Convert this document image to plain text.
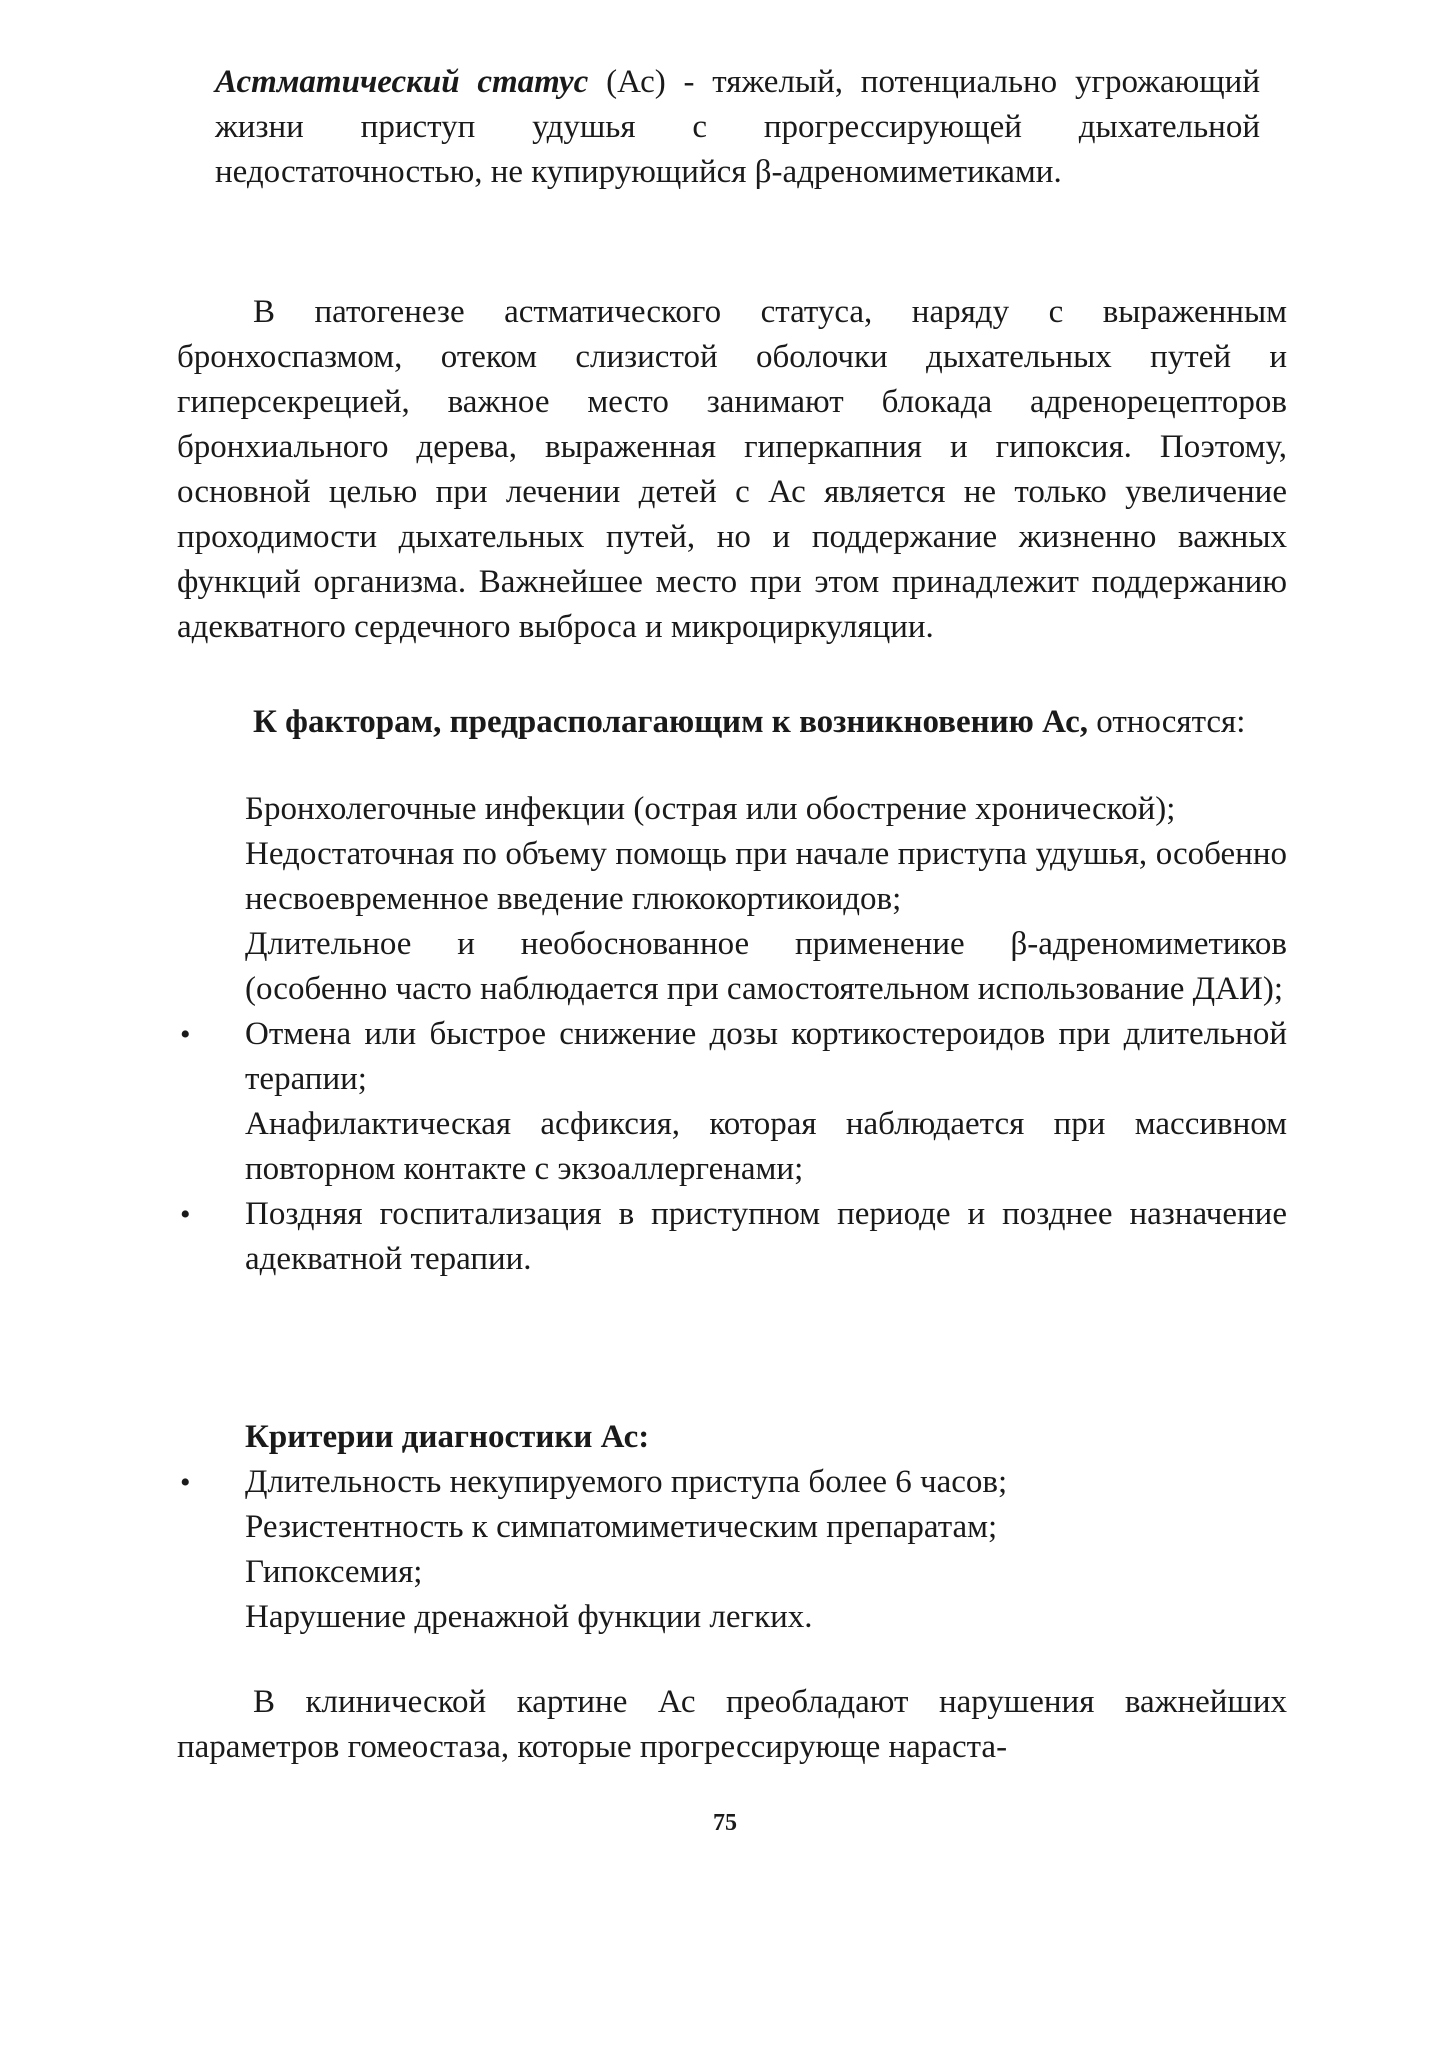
Астматический статус (Ас) - тяжелый, потенциально угрожающий жизни приступ удушья с прогрессирующей дыхательной недостаточностью, не купирующийся β-адреномиметиками.

В патогенезе астматического статуса, наряду с выраженным бронхоспазмом, отеком слизистой оболочки дыхательных путей и гиперсекрецией, важное место занимают блокада адренорецепторов бронхиального дерева, выраженная гиперкапния и гипоксия. Поэтому, основной целью при лечении детей с Ас является не только увеличение проходимости дыхательных путей, но и поддержание жизненно важных функций организма. Важнейшее место при этом принадлежит поддержанию адекватного сердечного выброса и микроциркуляции.

К факторам, предрасполагающим к возникновению Ас, относятся:

Бронхолегочные инфекции (острая или обострение хронической);
Недостаточная по объему помощь при начале приступа удушья, особенно несвоевременное введение глюкокортикоидов;
Длительное и необоснованное применение β-адреномиметиков (особенно часто наблюдается при самостоятельном использование ДАИ);
• Отмена или быстрое снижение дозы кортикостероидов при длительной терапии;
Анафилактическая асфиксия, которая наблюдается при массивном повторном контакте с экзоаллергенами;
• Поздняя госпитализация в приступном периоде и позднее назначение адекватной терапии.

Критерии диагностики Ас:

• Длительность некупируемого приступа более 6 часов;
Резистентность к симпатомиметическим препаратам;
Гипоксемия;
Нарушение дренажной функции легких.

В клинической картине Ас преобладают нарушения важнейших параметров гомеостаза, которые прогрессирующе нараста-

75
